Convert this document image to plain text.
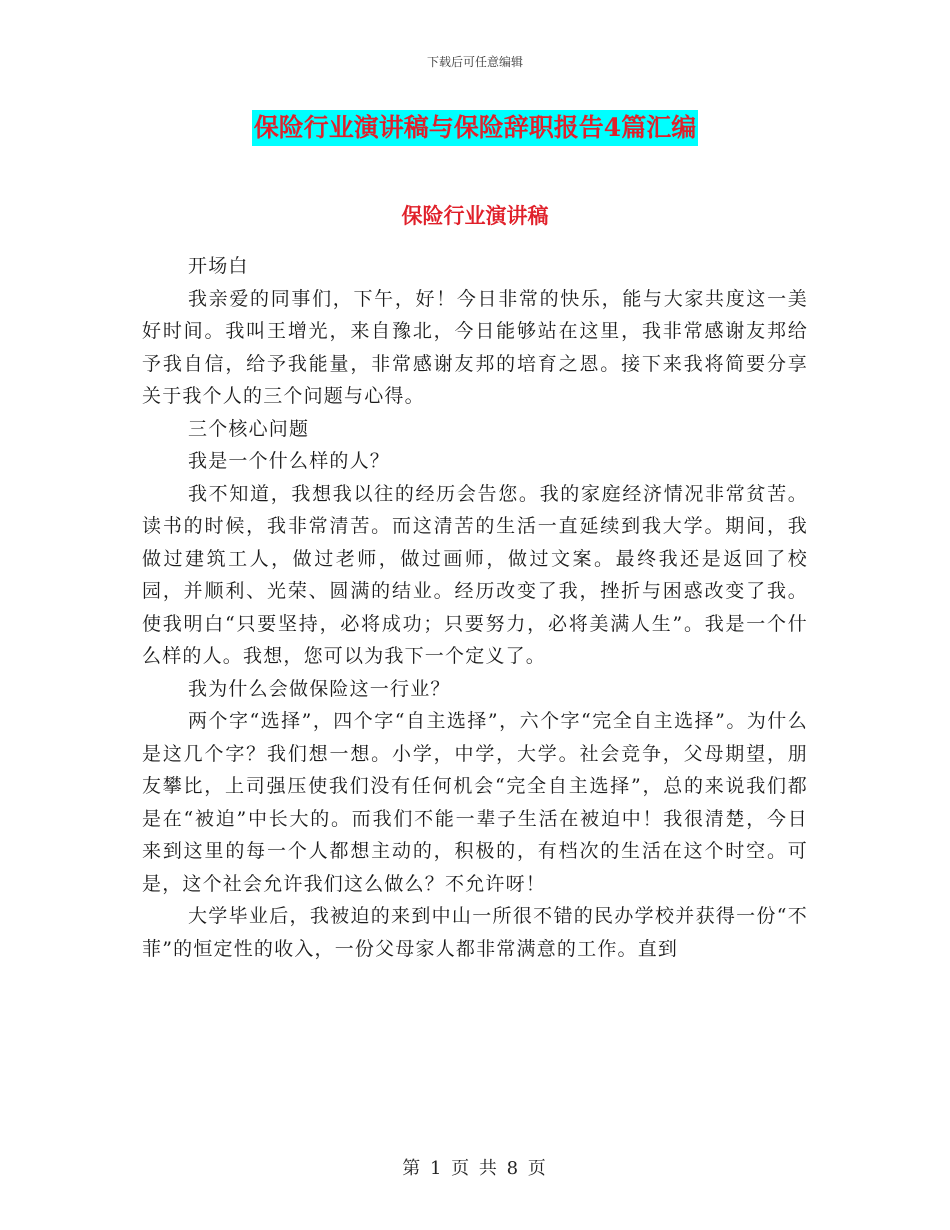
下载后可任意编辑
保险行业演讲稿与保险辞职报告4篇汇编
保险行业演讲稿

开场白

我亲爱的同事们，下午，好！今日非常的快乐，能与大家共度这一美好时间。我叫王增光，来自豫北，今日能够站在这里，我非常感谢友邦给予我自信，给予我能量，非常感谢友邦的培育之恩。接下来我将简要分享关于我个人的三个问题与心得。

三个核心问题

我是一个什么样的人？

我不知道，我想我以往的经历会告您。我的家庭经济情况非常贫苦。读书的时候，我非常清苦。而这清苦的生活一直延续到我大学。期间，我做过建筑工人，做过老师，做过画师，做过文案。最终我还是返回了校园，并顺利、光荣、圆满的结业。经历改变了我，挫折与困惑改变了我。使我明白“只要坚持，必将成功；只要努力，必将美满人生”。我是一个什么样的人。我想，您可以为我下一个定义了。

我为什么会做保险这一行业？

两个字“选择”，四个字“自主选择”，六个字“完全自主选择”。为什么是这几个字？我们想一想。小学，中学，大学。社会竞争，父母期望，朋友攀比，上司强压使我们没有任何机会“完全自主选择”，总的来说我们都是在“被迫”中长大的。而我们不能一辈子生活在被迫中！我很清楚，今日来到这里的每一个人都想主动的，积极的，有档次的生活在这个时空。可是，这个社会允许我们这么做么？不允许呀！

大学毕业后，我被迫的来到中山一所很不错的民办学校并获得一份“不菲”的恒定性的收入，一份父母家人都非常满意的工作。直到

第 1 页 共 8 页
